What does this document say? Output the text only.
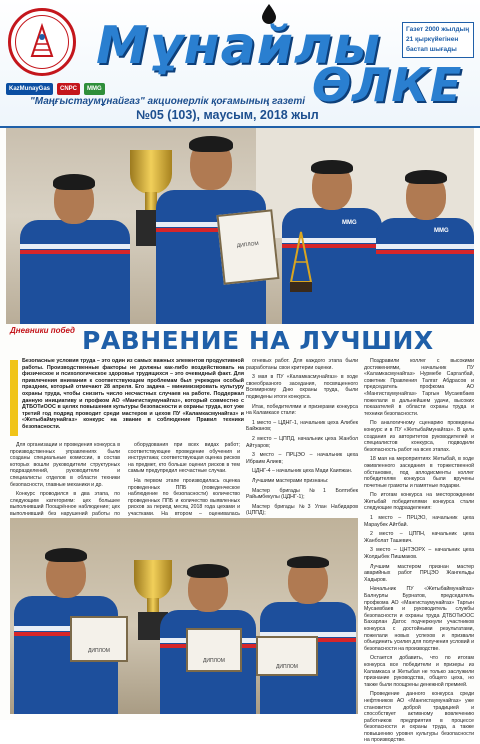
KazMunayGas	CNPC	MMG
Мұнайлы
ӨЛКЕ
Газет 2000 жылдың
21 қыркүйегінен
бастап шығады
"Маңғыстаумұнайгаз" акционерлік қоғамының газеті
№05 (103), маусым, 2018 жыл
ДИПЛОМ
MMG
MMG
Дневники побед РАВНЕНИЕ НА ЛУЧШИХ
Безопасные условия труда – это один из самых важных элементов продуктивной работы. Производственные факторы не должны как-либо воздействовать на физическое и психологическое здоровье трудящихся – это очевидный факт. Для привлечения внимания к соответствующим проблемам был учрежден особый праздник, который отмечают 28 апреля. Его задача – минимизировать культуру охраны труда, чтобы снизить число несчастных случаев на работе. Поддержал данную инициативу и профком АО «Мангистаумунайгаз», который совместно с ДТБОТиООС в целях повышения культуры безопасности и охраны труда, вот уже третий год подряд проводит среди мастеров и цехов ПУ «Каламкасмунайгаз» и «Жетыбаймунайгаз» конкурс на звание в соблюдение Правил техники безопасности.

Для организации и проведения конкурса в производственных управлениях были созданы специальные комиссии, в состав которых вошли руководители структурных подразделений, руководители и специалисты отделов в области техники безопасности, главные механики и др.

Конкурс проводился в два этапа, по следующим категориям: цех большее выполнивший Поощрённое наблюдение; цех выполнивший без нарушений работы по

оборудования при всех видах работ; соответствующее проведение обучения и инструктажа; соответствующая оценка рисков на предмет, кто больше оценил рисков в тем самым предупредил несчастные случаи.

На первом этапе производилась оценка проведенных ППБ (поведенческое наблюдение по безопасности) количество проведенных ППБ и количество выявленных рисков за период месяц 2018 года цехами и участками. На втором – оценивалась

огневых работ. Для каждого этапа были разработаны свои критерии оценки.

3 мая в ПУ «Каламкасмунайгаз» в ходе своеобразного заседания, посвященного Всемирному Дню охраны труда, были подведены итоги конкурса.

Итак, победителями и призерами конкурса на Каламкасе стали:

1 место – ЦДНГ-1, начальник цеха Алибек Байжанов;

2 место – ЦППД, начальник цеха Жанбол Айтуаров;

3 место – ПРЦЭО – начальник цеха Ибраим Алиев;

ЦДНГ-4 – начальник цеха Мади Каипжан.

Лучшими мастерами признаны:

Мастер бригады №1 Болтибек Райымбекулы (ЦДНГ-1);

Мастер бригады №3 Улан Набидаров (ЦППД);

Поздравили коллег с высокими достижениями, начальник ПУ «Каламкасмунайгаз» Нурмебе Саргалбай, советник Правления Талгат Абдрасов и председатель профкома АО «Мангистаумунайгаз» Таргын Мусаевбаев пожелали в дальнейшем удачи, высоких показателей в области охраны труда и техники безопасности.

По аналогичному сценарию проведены конкурс и в ПУ «Жетыбаймунайгаз». В цель создания из авторитетов руководителей и специалистов конкурса, подводили безопасность работ на всех этапах.

18 мая на мероприятиях Жетыбай, в ходе оживленного заседания в торжественной обстановке, под аплодисменты коллег победителям конкурса были вручены почетные грамоты и памятные подарки.

По итогам конкурса на месторождении Жетыбай победителями конкурса стали следующие подразделения:

1 место – ПРЦЭО, начальник цеха Мараубек Айтбай.

2 место – ЦППН, начальник цеха Жанболат Ташевич.

3 место – ЦНТЭОРХ – начальник цеха Жолдыбек Пишмаков.

Лучшим мастером признан мастер аварийных работ ПРЦЭО Жангельды Хадыров.

Начальник ПУ «Жетыбаймунайгаз» Балнурлы Бурнатов, председатель профкома АО «Мангистаумунайгаз» Таргын Мусаевбаев и руководитель службы безопасности и охраны труда ДТБОТиООС Бахарлан Датос подчеркнули участников конкурса с достойными результатами, пожелали новых успехов и призвали объединить усилия для получения условий и безопасности на производстве.

Остается добавить, что по итогам конкурса все победители и призеры из Каламкаса и Жетыбая не только заслужили признание руководства, общего цеха, но также были поощрены денежной премией.

Проведение данного конкурса среди нефтяников АО «Мангистаумунайгаз» уже становится доброй традицией и способствует активному вовлечению работников предприятия в процессе безопасности и охраны труда, а также повышению уровня культуры безопасности на производстве.

ДИПЛОМ
ДИПЛОМ
ДИПЛОМ
